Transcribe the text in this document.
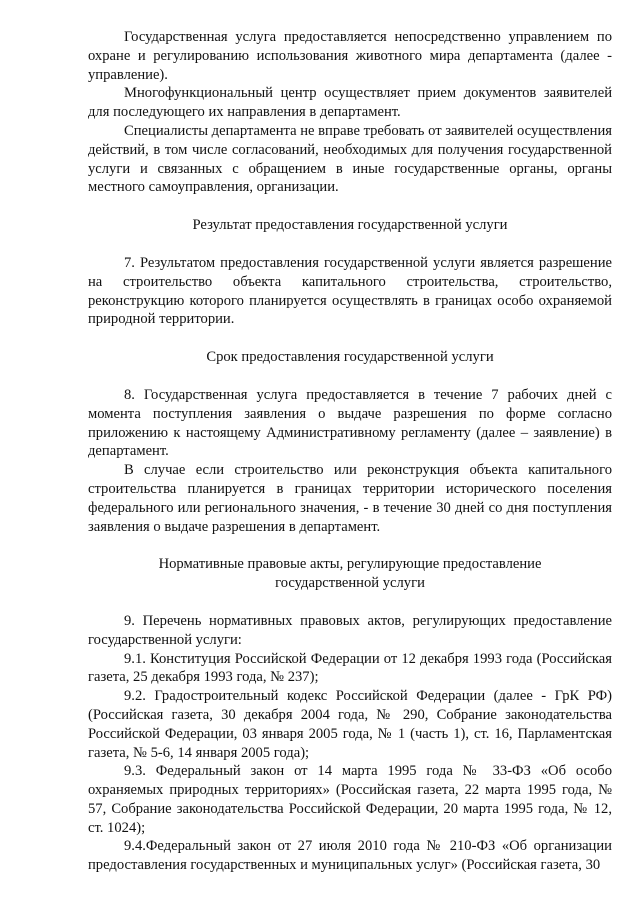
Государственная услуга предоставляется непосредственно управлением по охране и регулированию использования животного мира департамента (далее - управление).

Многофункциональный центр осуществляет прием документов заявителей для последующего их направления в департамент.

Специалисты департамента не вправе требовать от заявителей осуществления действий, в том числе согласований, необходимых для получения государственной услуги и связанных с обращением в иные государственные органы, органы местного самоуправления, организации.

Результат предоставления государственной услуги

7. Результатом предоставления государственной услуги является разрешение на строительство объекта капитального строительства, строительство, реконструкцию которого планируется осуществлять в границах особо охраняемой природной территории.

Срок предоставления государственной услуги

8. Государственная услуга предоставляется в течение 7 рабочих дней с момента поступления заявления о выдаче разрешения по форме согласно приложению к настоящему Административному регламенту (далее – заявление) в департамент.

В случае если строительство или реконструкция объекта капитального строительства планируется в границах территории исторического поселения федерального или регионального значения, - в течение 30 дней со дня поступления заявления о выдаче разрешения в департамент.

Нормативные правовые акты, регулирующие предоставление

государственной услуги

9. Перечень нормативных правовых актов, регулирующих предоставление государственной услуги:

9.1. Конституция Российской Федерации от 12 декабря 1993 года (Российская газета, 25 декабря 1993 года, № 237);

9.2. Градостроительный кодекс Российской Федерации (далее - ГрК РФ) (Российская газета, 30 декабря 2004 года, № 290, Собрание законодательства Российской Федерации, 03 января 2005 года, № 1 (часть 1), ст. 16, Парламентская газета, № 5-6, 14 января 2005 года);

9.3. Федеральный закон от 14 марта 1995 года № 33-ФЗ «Об особо охраняемых природных территориях» (Российская газета, 22 марта 1995 года, № 57, Собрание законодательства Российской Федерации, 20 марта 1995 года, № 12, ст. 1024);

9.4.Федеральный закон от 27 июля 2010 года № 210-ФЗ «Об организации предоставления государственных и муниципальных услуг» (Российская газета, 30
